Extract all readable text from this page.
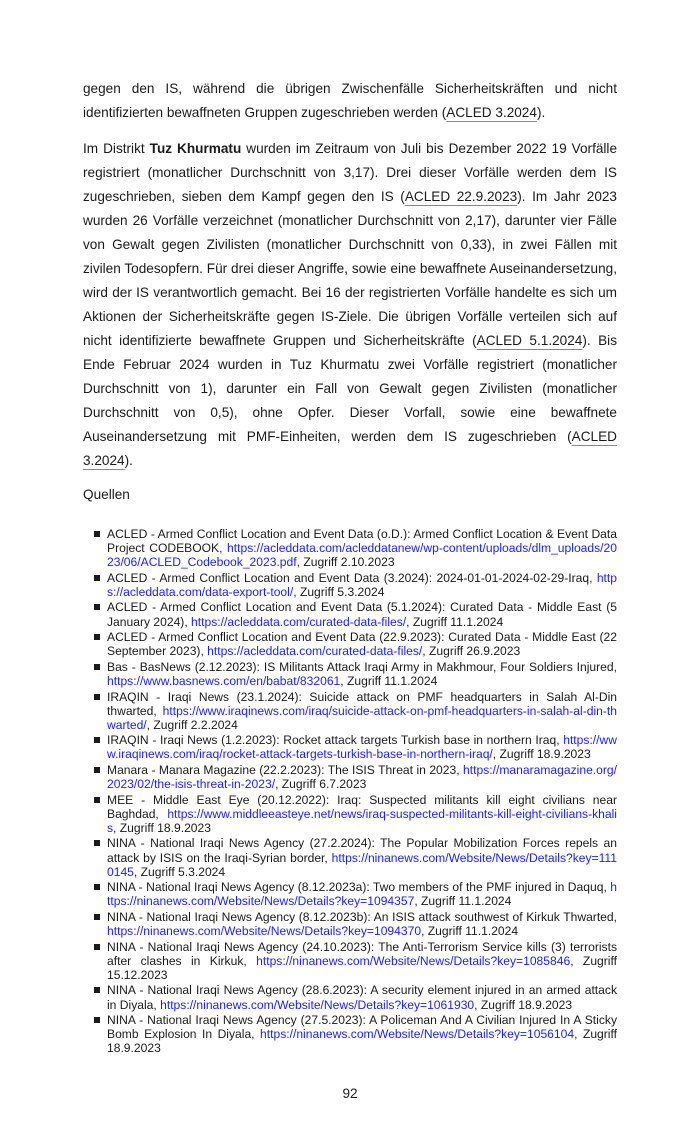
gegen den IS, während die übrigen Zwischenfälle Sicherheitskräften und nicht identifizierten bewaffneten Gruppen zugeschrieben werden (ACLED 3.2024).

Im Distrikt Tuz Khurmatu wurden im Zeitraum von Juli bis Dezember 2022 19 Vorfälle registriert (monatlicher Durchschnitt von 3,17). Drei dieser Vorfälle werden dem IS zugeschrieben, sieben dem Kampf gegen den IS (ACLED 22.9.2023). Im Jahr 2023 wurden 26 Vorfälle verzeichnet (monatlicher Durchschnitt von 2,17), darunter vier Fälle von Gewalt gegen Zivilisten (monatlicher Durchschnitt von 0,33), in zwei Fällen mit zivilen Todesopfern. Für drei dieser Angriffe, sowie eine bewaffnete Auseinandersetzung, wird der IS verantwortlich gemacht. Bei 16 der registrierten Vorfälle handelte es sich um Aktionen der Sicherheitskräfte gegen IS-Ziele. Die übrigen Vorfälle verteilen sich auf nicht identifizierte bewaffnete Gruppen und Sicherheitskräfte (ACLED 5.1.2024). Bis Ende Februar 2024 wurden in Tuz Khurmatu zwei Vorfälle registriert (monatlicher Durchschnitt von 1), darunter ein Fall von Gewalt gegen Zivilisten (monatlicher Durchschnitt von 0,5), ohne Opfer. Dieser Vorfall, sowie eine bewaffnete Auseinandersetzung mit PMF-Einheiten, werden dem IS zugeschrieben (ACLED 3.2024).

Quellen
ACLED - Armed Conflict Location and Event Data (o.D.): Armed Conflict Location & Event Data Project CODEBOOK, https://acleddata.com/acleddatanew/wp-content/uploads/dlm_uploads/2023/06/ACLED_Codebook_2023.pdf, Zugriff 2.10.2023
ACLED - Armed Conflict Location and Event Data (3.2024): 2024-01-01-2024-02-29-Iraq, https://acleddata.com/data-export-tool/, Zugriff 5.3.2024
ACLED - Armed Conflict Location and Event Data (5.1.2024): Curated Data - Middle East (5 January 2024), https://acleddata.com/curated-data-files/, Zugriff 11.1.2024
ACLED - Armed Conflict Location and Event Data (22.9.2023): Curated Data - Middle East (22 September 2023), https://acleddata.com/curated-data-files/, Zugriff 26.9.2023
Bas - BasNews (2.12.2023): IS Militants Attack Iraqi Army in Makhmour, Four Soldiers Injured, https://www.basnews.com/en/babat/832061, Zugriff 11.1.2024
IRAQIN - Iraqi News (23.1.2024): Suicide attack on PMF headquarters in Salah Al-Din thwarted, https://www.iraqinews.com/iraq/suicide-attack-on-pmf-headquarters-in-salah-al-din-thwarted/, Zugriff 2.2.2024
IRAQIN - Iraqi News (1.2.2023): Rocket attack targets Turkish base in northern Iraq, https://www.iraqinews.com/iraq/rocket-attack-targets-turkish-base-in-northern-iraq/, Zugriff 18.9.2023
Manara - Manara Magazine (22.2.2023): The ISIS Threat in 2023, https://manaramagazine.org/2023/02/the-isis-threat-in-2023/, Zugriff 6.7.2023
MEE - Middle East Eye (20.12.2022): Iraq: Suspected militants kill eight civilians near Baghdad, https://www.middleeasteye.net/news/iraq-suspected-militants-kill-eight-civilians-khalis, Zugriff 18.9.2023
NINA - National Iraqi News Agency (27.2.2024): The Popular Mobilization Forces repels an attack by ISIS on the Iraqi-Syrian border, https://ninanews.com/Website/News/Details?key=1110145, Zugriff 5.3.2024
NINA - National Iraqi News Agency (8.12.2023a): Two members of the PMF injured in Daquq, https://ninanews.com/Website/News/Details?key=1094357, Zugriff 11.1.2024
NINA - National Iraqi News Agency (8.12.2023b): An ISIS attack southwest of Kirkuk Thwarted, https://ninanews.com/Website/News/Details?key=1094370, Zugriff 11.1.2024
NINA - National Iraqi News Agency (24.10.2023): The Anti-Terrorism Service kills (3) terrorists after clashes in Kirkuk, https://ninanews.com/Website/News/Details?key=1085846, Zugriff 15.12.2023
NINA - National Iraqi News Agency (28.6.2023): A security element injured in an armed attack in Diyala, https://ninanews.com/Website/News/Details?key=1061930, Zugriff 18.9.2023
NINA - National Iraqi News Agency (27.5.2023): A Policeman And A Civilian Injured In A Sticky Bomb Explosion In Diyala, https://ninanews.com/Website/News/Details?key=1056104, Zugriff 18.9.2023
92
